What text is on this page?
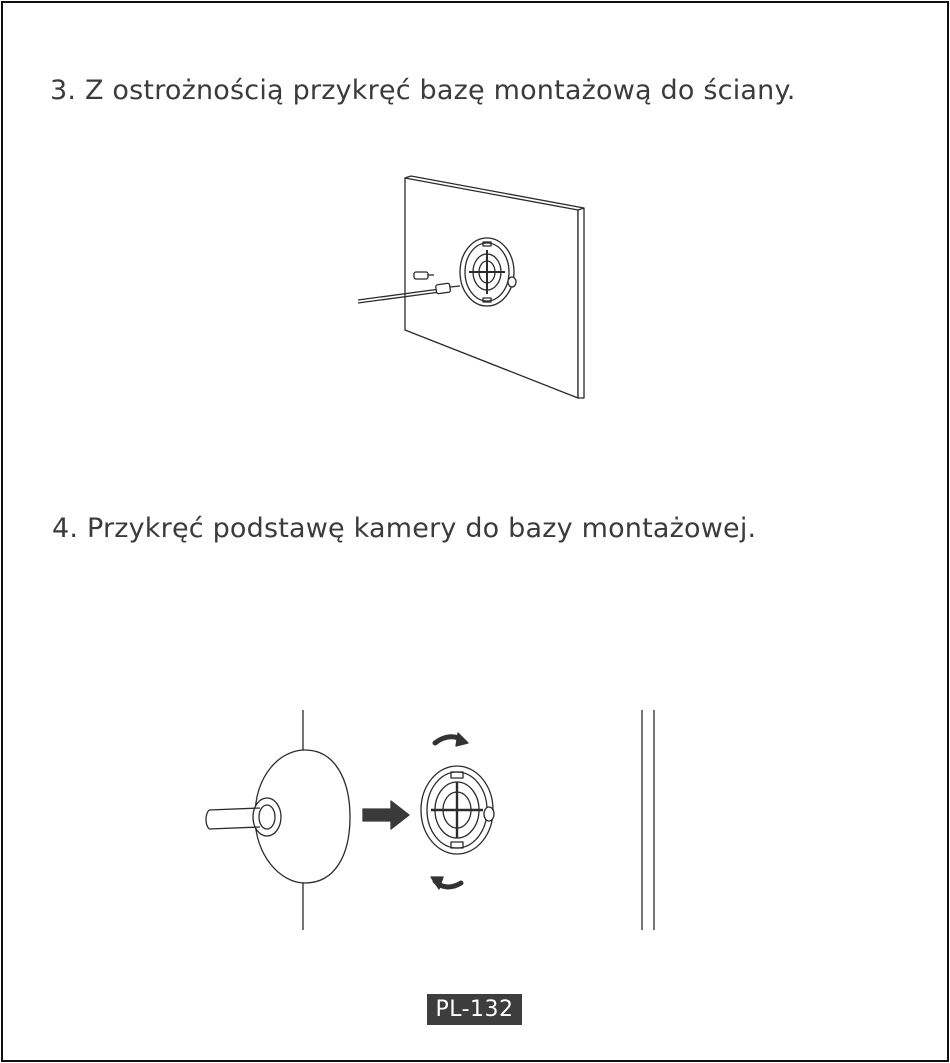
3. Z ostrożnością przykręć bazę montażową do ściany.
4. Przykręć podstawę kamery do bazy montażowej.
PL-132
